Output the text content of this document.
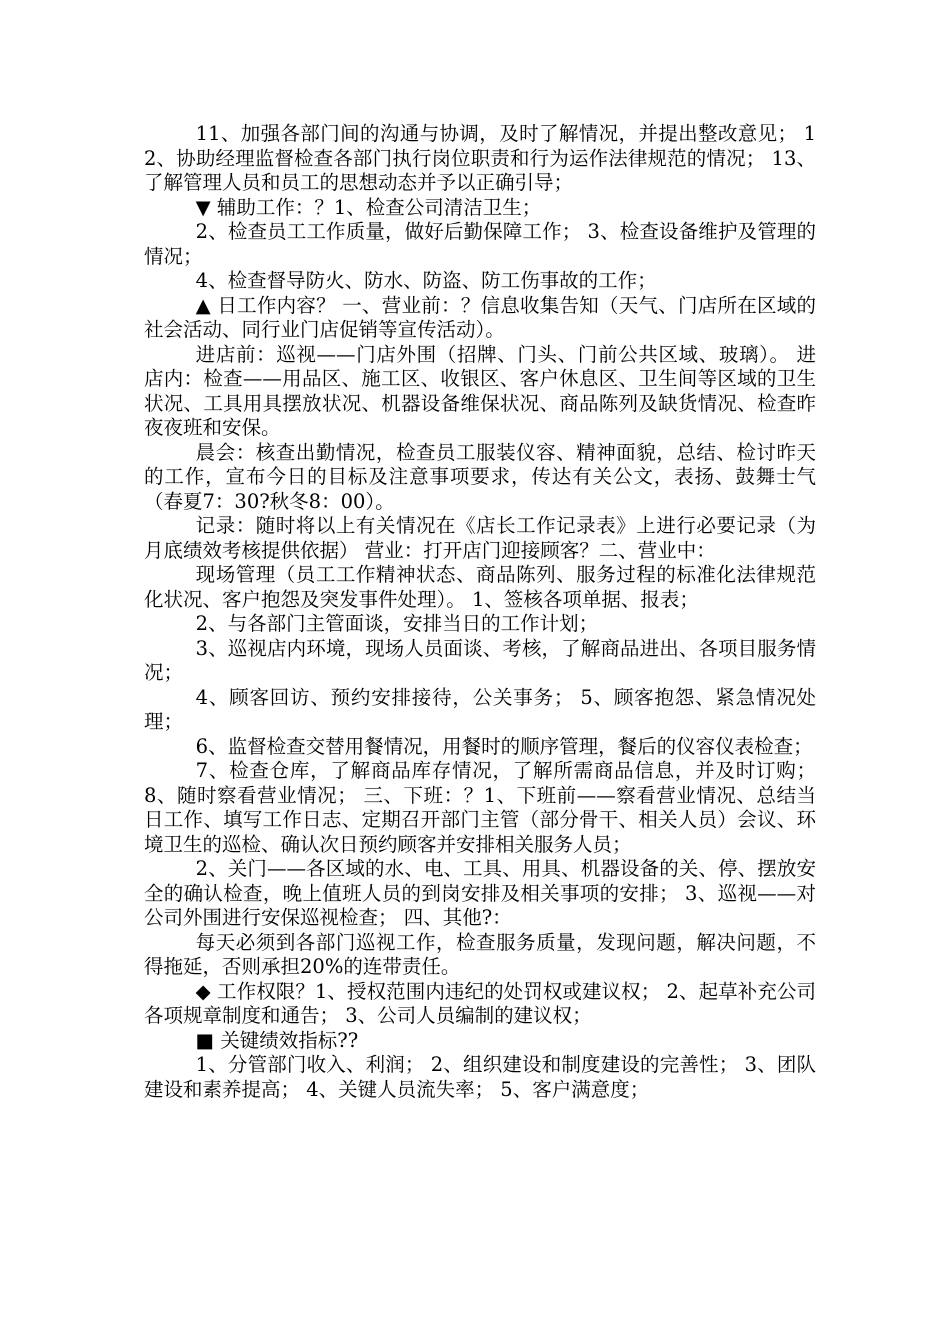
11、加强各部门间的沟通与协调，及时了解情况，并提出整改意见； 12、协助经理监督检查各部门执行岗位职责和行为运作法律规范的情况； 13、了解管理人员和员工的思想动态并予以正确引导；

▼ 辅助工作：？1、检查公司清洁卫生；

2、检查员工工作质量，做好后勤保障工作； 3、检查设备维护及管理的情况；

4、检查督导防火、防水、防盗、防工伤事故的工作；

▲ 日工作内容？ 一、营业前：？信息收集告知（天气、门店所在区域的社会活动、同行业门店促销等宣传活动）。

进店前：巡视——门店外围（招牌、门头、门前公共区域、玻璃）。 进店内：检查——用品区、施工区、收银区、客户休息区、卫生间等区域的卫生状况、工具用具摆放状况、机器设备维保状况、商品陈列及缺货情况、检查昨夜夜班和安保。

晨会：核查出勤情况，检查员工服装仪容、精神面貌，总结、检讨昨天的工作，宣布今日的目标及注意事项要求，传达有关公文，表扬、鼓舞士气（春夏7：30?秋冬8：00）。

记录：随时将以上有关情况在《店长工作记录表》上进行必要记录（为月底绩效考核提供依据） 营业：打开店门迎接顾客？二、营业中：

现场管理（员工工作精神状态、商品陈列、服务过程的标准化法律规范化状况、客户抱怨及突发事件处理）。 1、签核各项单据、报表；

2、与各部门主管面谈，安排当日的工作计划；

3、巡视店内环境，现场人员面谈、考核，了解商品进出、各项目服务情况；

4、顾客回访、预约安排接待，公关事务； 5、顾客抱怨、紧急情况处理；

6、监督检查交替用餐情况，用餐时的顺序管理，餐后的仪容仪表检查；

7、检查仓库，了解商品库存情况，了解所需商品信息，并及时订购； 8、随时察看营业情况； 三、下班：？1、下班前——察看营业情况、总结当日工作、填写工作日志、定期召开部门主管（部分骨干、相关人员）会议、环境卫生的巡检、确认次日预约顾客并安排相关服务人员；

2、关门——各区域的水、电、工具、用具、机器设备的关、停、摆放安全的确认检查，晚上值班人员的到岗安排及相关事项的安排； 3、巡视——对公司外围进行安保巡视检查； 四、其他?：

每天必须到各部门巡视工作，检查服务质量，发现问题，解决问题，不得拖延，否则承担20%的连带责任。

◆ 工作权限？1、授权范围内违纪的处罚权或建议权； 2、起草补充公司各项规章制度和通告； 3、公司人员编制的建议权；

■ 关键绩效指标??

1、分管部门收入、利润； 2、组织建设和制度建设的完善性； 3、团队建设和素养提高； 4、关键人员流失率； 5、客户满意度；
